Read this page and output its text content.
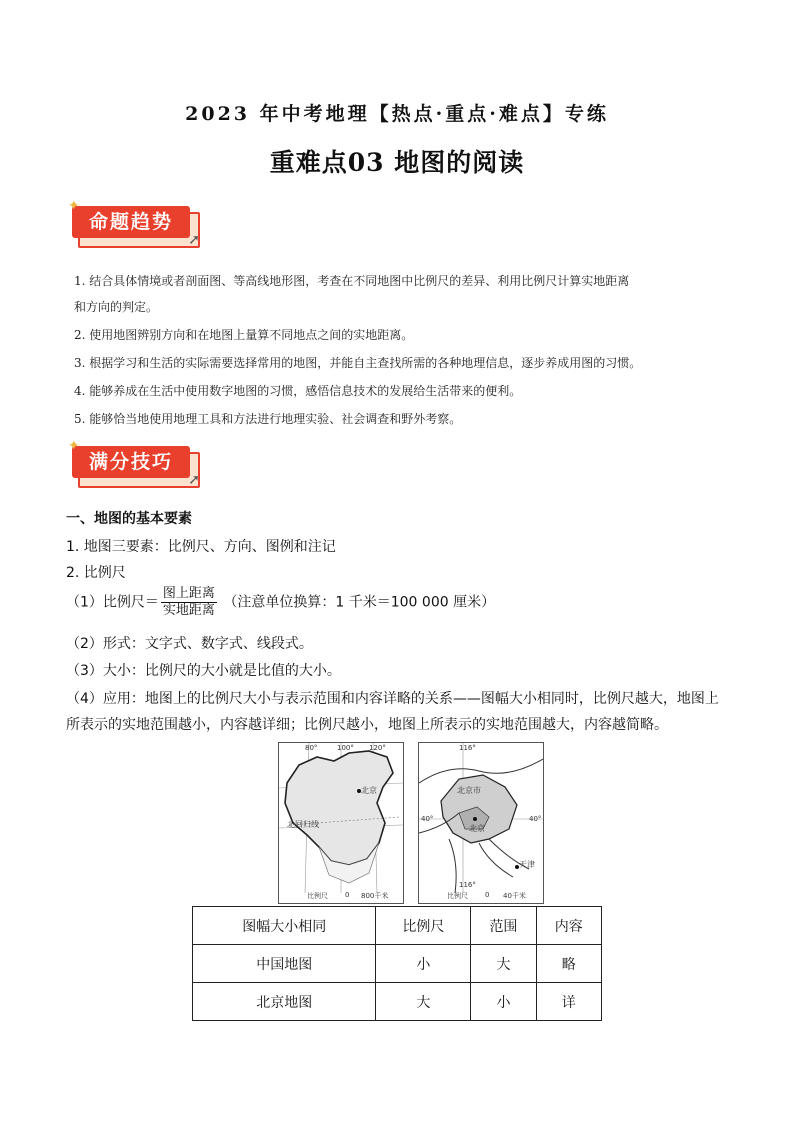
2023 年中考地理【热点·重点·难点】专练
重难点03 地图的阅读
命题趋势
✦
➚
1. 结合具体情境或者剖面图、等高线地形图，考查在不同地图中比例尺的差异、利用比例尺计算实地距离
和方向的判定。
2. 使用地图辨别方向和在地图上量算不同地点之间的实地距离。
3. 根据学习和生活的实际需要选择常用的地图，并能自主查找所需的各种地理信息，逐步养成用图的习惯。
4. 能够养成在生活中使用数字地图的习惯，感悟信息技术的发展给生活带来的便利。
5. 能够恰当地使用地理工具和方法进行地理实验、社会调查和野外考察。
满分技巧
✦
➚
一、地图的基本要素
1. 地图三要素：比例尺、方向、图例和注记
2. 比例尺
（1）比例尺＝ $\frac{\text{图上距离}}{\text{实地距离}}$ （注意单位换算：1 千米＝100 000 厘米）
（2）形式：文字式、数字式、线段式。
（3）大小：比例尺的大小就是比值的大小。
（4）应用：地图上的比例尺大小与表示范围和内容详略的关系——图幅大小相同时，比例尺越大，地图上
所表示的实地范围越小，内容越详细；比例尺越小，地图上所表示的实地范围越大，内容越简略。
80°	100° 120°
北京
北回归线
比例尺 0 800千米
116°
40°	40°
116°
北京市
北京
天津
比例尺 0 40千米
图幅大小相同	比例尺	范围	内容
中国地图	小	大	略
北京地图	大	小	详
